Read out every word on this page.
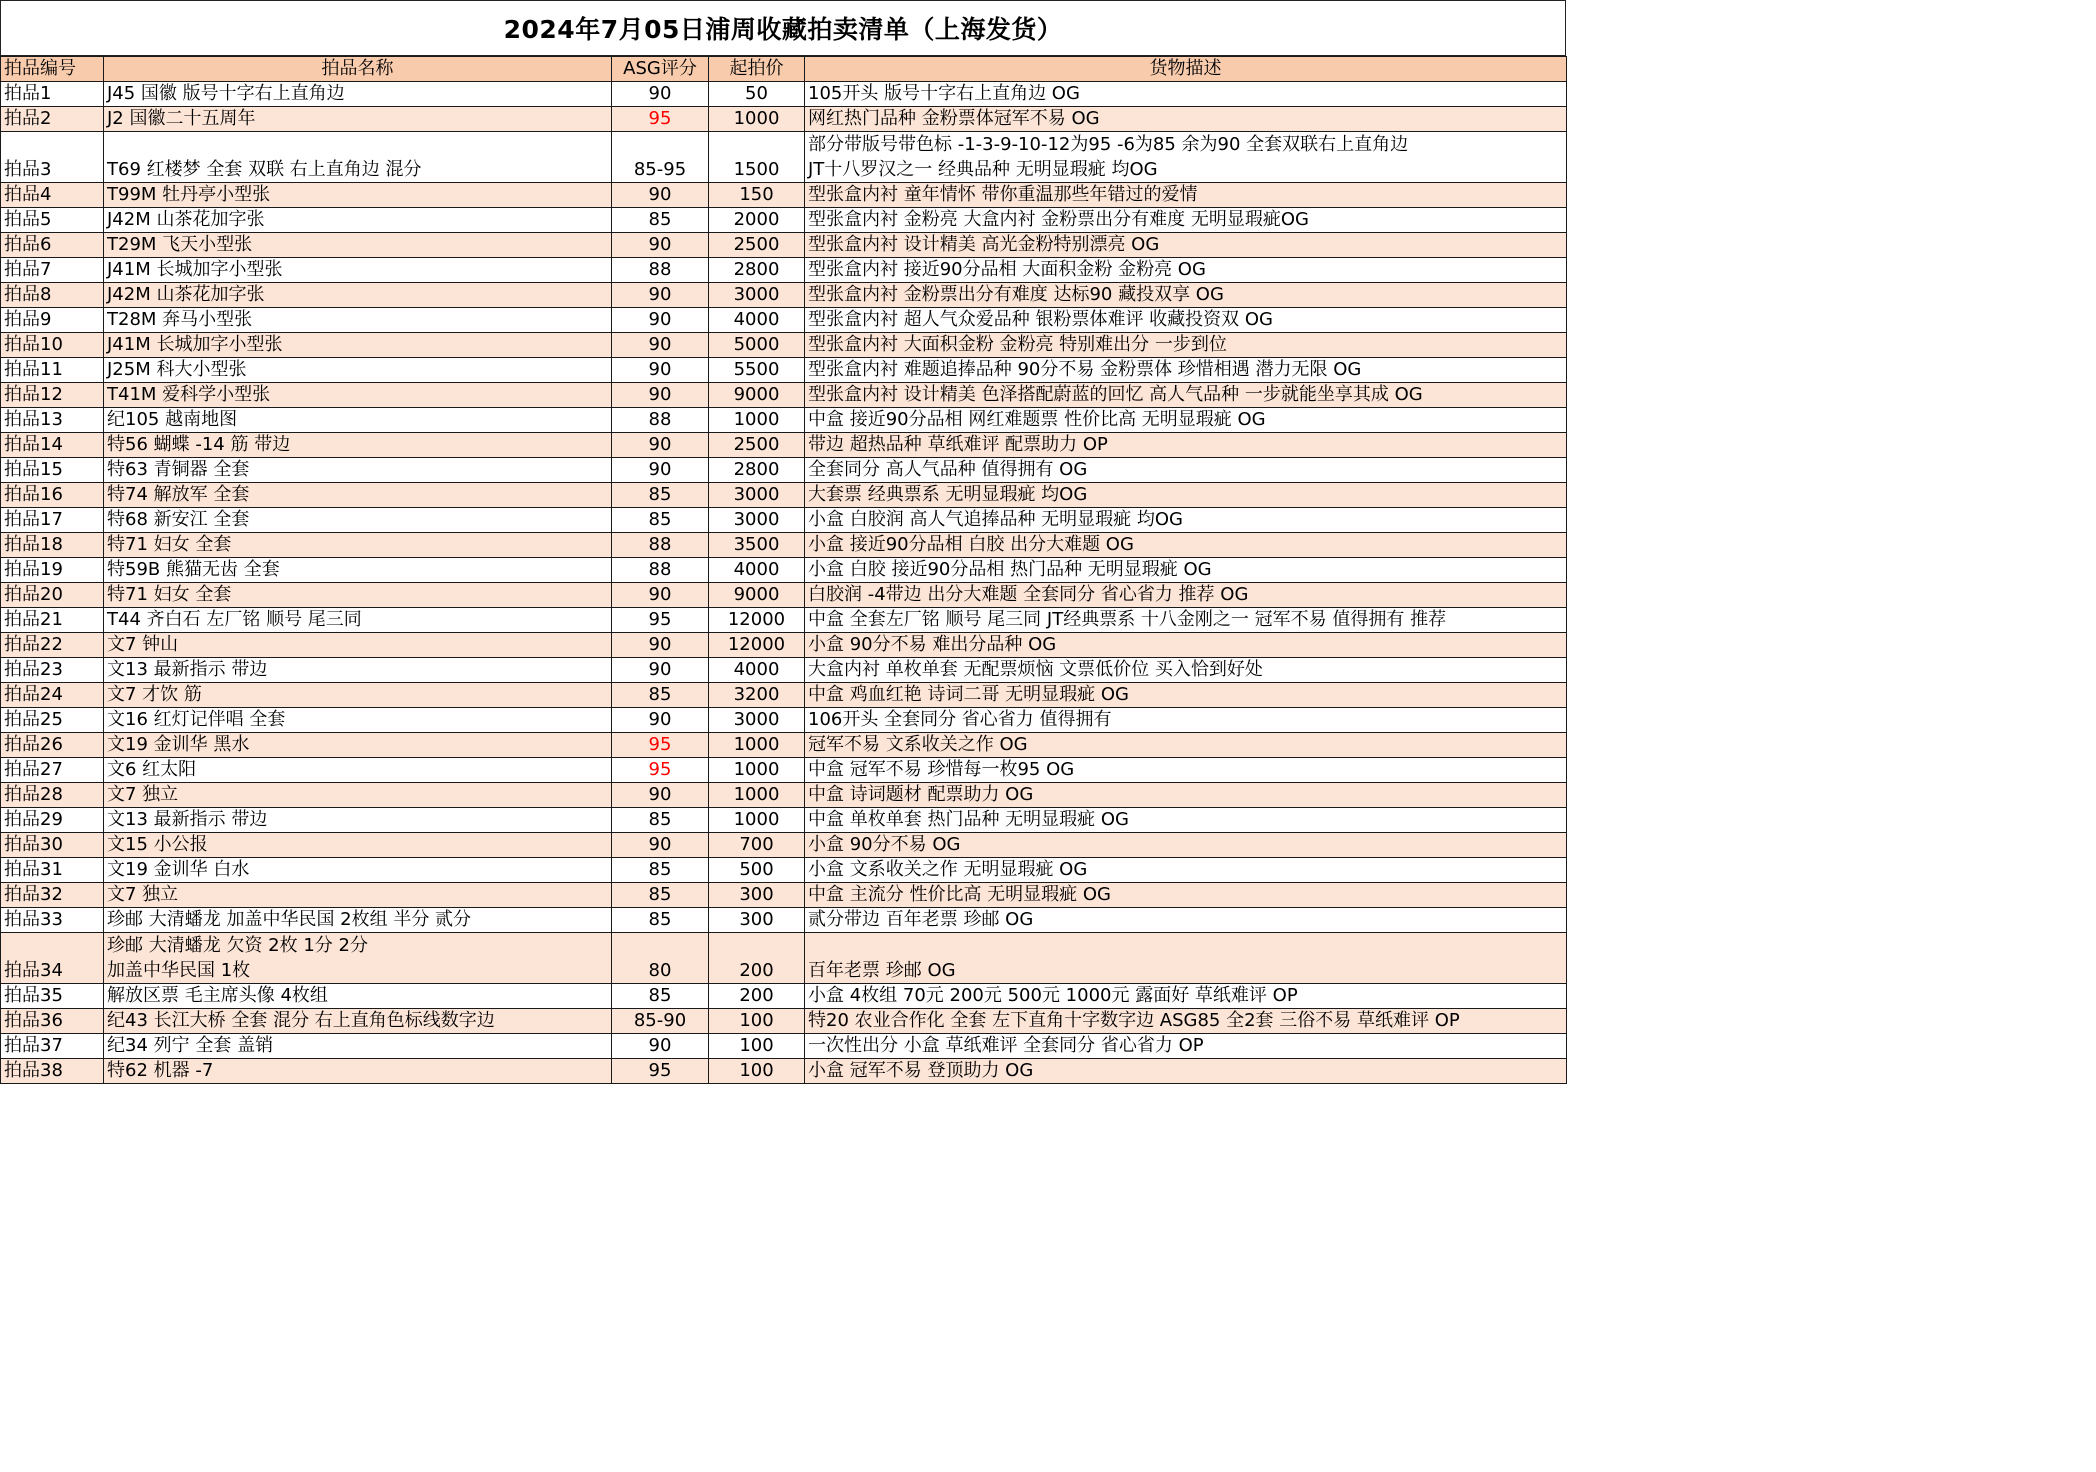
2024年7月05日浦周收藏拍卖清单（上海发货）
拍品编号	拍品名称	ASG评分	起拍价	货物描述
拍品1	J45 国徽 版号十字右上直角边	90	50	105开头 版号十字右上直角边 OG
拍品2	J2 国徽二十五周年	95	1000	网红热门品种 金粉票体冠军不易 OG
拍品3	T69 红楼梦 全套 双联 右上直角边 混分	85-95	1500	部分带版号带色标 -1-3-9-10-12为95 -6为85 余为90 全套双联右上直角边
JT十八罗汉之一 经典品种 无明显瑕疵 均OG

拍品4	T99M 牡丹亭小型张	90	150	型张盒内衬 童年情怀 带你重温那些年错过的爱情
拍品5	J42M 山茶花加字张	85	2000	型张盒内衬 金粉亮 大盒内衬 金粉票出分有难度 无明显瑕疵OG
拍品6	T29M 飞天小型张	90	2500	型张盒内衬 设计精美 高光金粉特别漂亮 OG
拍品7	J41M 长城加字小型张	88	2800	型张盒内衬 接近90分品相 大面积金粉 金粉亮 OG
拍品8	J42M 山茶花加字张	90	3000	型张盒内衬 金粉票出分有难度 达标90 藏投双享 OG
拍品9	T28M 奔马小型张	90	4000	型张盒内衬 超人气众爱品种 银粉票体难评 收藏投资双 OG
拍品10	J41M 长城加字小型张	90	5000	型张盒内衬 大面积金粉 金粉亮 特别难出分 一步到位
拍品11	J25M 科大小型张	90	5500	型张盒内衬 难题追捧品种 90分不易 金粉票体 珍惜相遇 潜力无限 OG
拍品12	T41M 爱科学小型张	90	9000	型张盒内衬 设计精美 色泽搭配蔚蓝的回忆 高人气品种 一步就能坐享其成 OG
拍品13	纪105 越南地图	88	1000	中盒 接近90分品相 网红难题票 性价比高 无明显瑕疵 OG
拍品14	特56 蝴蝶 -14 筋 带边	90	2500	带边 超热品种 草纸难评 配票助力 OP
拍品15	特63 青铜器 全套	90	2800	全套同分 高人气品种 值得拥有 OG
拍品16	特74 解放军 全套	85	3000	大套票 经典票系 无明显瑕疵 均OG
拍品17	特68 新安江 全套	85	3000	小盒 白胶润 高人气追捧品种 无明显瑕疵 均OG
拍品18	特71 妇女 全套	88	3500	小盒 接近90分品相 白胶 出分大难题 OG
拍品19	特59B 熊猫无齿 全套	88	4000	小盒 白胶 接近90分品相 热门品种 无明显瑕疵 OG
拍品20	特71 妇女 全套	90	9000	白胶润 -4带边 出分大难题 全套同分 省心省力 推荐 OG
拍品21	T44 齐白石 左厂铭 顺号 尾三同	95	12000	中盒 全套左厂铭 顺号 尾三同 JT经典票系 十八金刚之一 冠军不易 值得拥有 推荐
拍品22	文7 钟山	90	12000	小盒 90分不易 难出分品种 OG
拍品23	文13 最新指示 带边	90	4000	大盒内衬 单枚单套 无配票烦恼 文票低价位 买入恰到好处
拍品24	文7 才饮 筋	85	3200	中盒 鸡血红艳 诗词二哥 无明显瑕疵 OG
拍品25	文16 红灯记伴唱 全套	90	3000	106开头 全套同分 省心省力 值得拥有
拍品26	文19 金训华 黑水	95	1000	冠军不易 文系收关之作 OG
拍品27	文6 红太阳	95	1000	中盒 冠军不易 珍惜每一枚95 OG
拍品28	文7 独立	90	1000	中盒 诗词题材 配票助力 OG
拍品29	文13 最新指示 带边	85	1000	中盒 单枚单套 热门品种 无明显瑕疵 OG
拍品30	文15 小公报	90	700	小盒 90分不易 OG
拍品31	文19 金训华 白水	85	500	小盒 文系收关之作 无明显瑕疵 OG
拍品32	文7 独立	85	300	中盒 主流分 性价比高 无明显瑕疵 OG
拍品33	珍邮 大清蟠龙 加盖中华民国 2枚组 半分 贰分	85	300	贰分带边 百年老票 珍邮 OG
拍品34	珍邮 大清蟠龙 欠资 2枚 1分 2分
加盖中华民国 1枚	80	200	百年老票 珍邮 OG
拍品35	解放区票 毛主席头像 4枚组	85	200	小盒 4枚组 70元 200元 500元 1000元 露面好 草纸难评 OP
拍品36	纪43 长江大桥 全套 混分 右上直角色标线数字边	85-90	100	特20 农业合作化 全套 左下直角十字数字边 ASG85 全2套 三俗不易 草纸难评 OP
拍品37	纪34 列宁 全套 盖销	90	100	一次性出分 小盒 草纸难评 全套同分 省心省力 OP
拍品38	特62 机器 -7	95	100	小盒 冠军不易 登顶助力 OG
